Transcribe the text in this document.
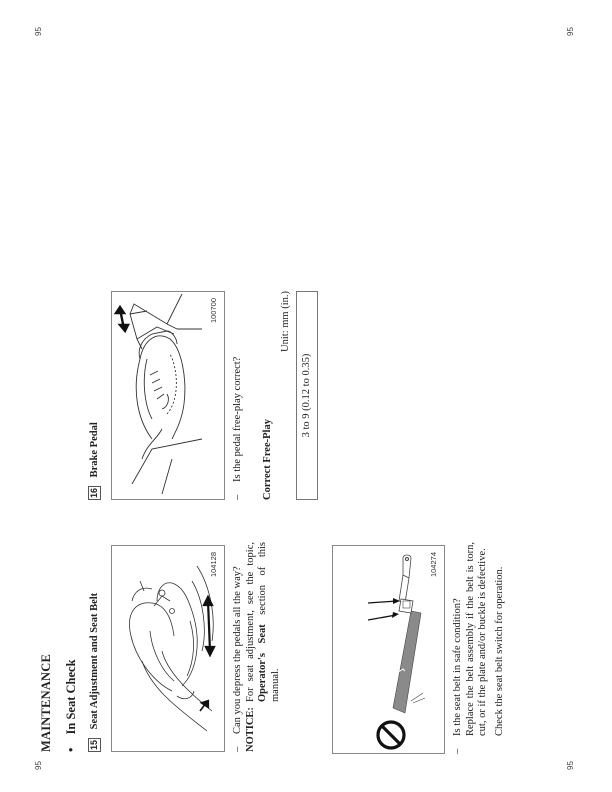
95	95
95	95
MAINTENANCE • In Seat Check
15 Seat Adjustment and Seat Belt
104128
–Can you depress the pedals all the way? NOTICE:
For seat adjustment, see the topic, Operator's Seat section of this manual.
104274
–Is the seat belt in safe condition? Replace the belt assembly if the belt is torn, cut, or if the plate and/or buckle is defective. Check the seat belt switch for operation.
16 Brake Pedal
100700
–Is the pedal free-play correct? Correct Free-Play
Unit: mm (in.)
3 to 9 (0.12 to 0.35)
